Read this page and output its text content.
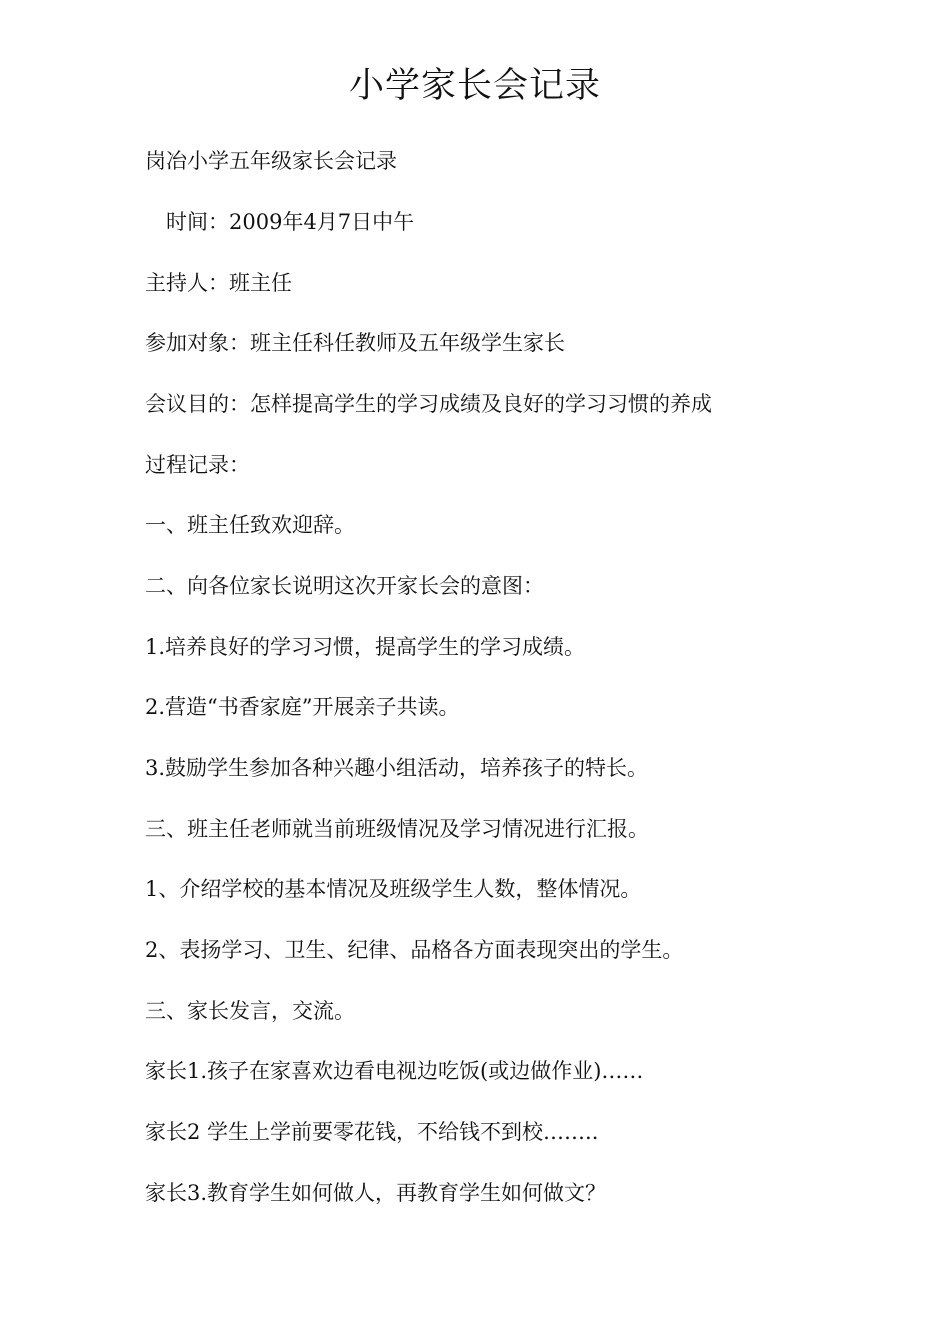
小学家长会记录

岗冶小学五年级家长会记录

时间：2009年4月7日中午

主持人：班主任

参加对象：班主任科任教师及五年级学生家长

会议目的：怎样提高学生的学习成绩及良好的学习习惯的养成

过程记录：

一、班主任致欢迎辞。

二、向各位家长说明这次开家长会的意图：

1.培养良好的学习习惯，提高学生的学习成绩。

2.营造“书香家庭”开展亲子共读。

3.鼓励学生参加各种兴趣小组活动，培养孩子的特长。

三、班主任老师就当前班级情况及学习情况进行汇报。

1、介绍学校的基本情况及班级学生人数，整体情况。

2、表扬学习、卫生、纪律、品格各方面表现突出的学生。

三、家长发言，交流。

家长1.孩子在家喜欢边看电视边吃饭(或边做作业)……

家长2 学生上学前要零花钱，不给钱不到校……..

家长3.教育学生如何做人，再教育学生如何做文？
